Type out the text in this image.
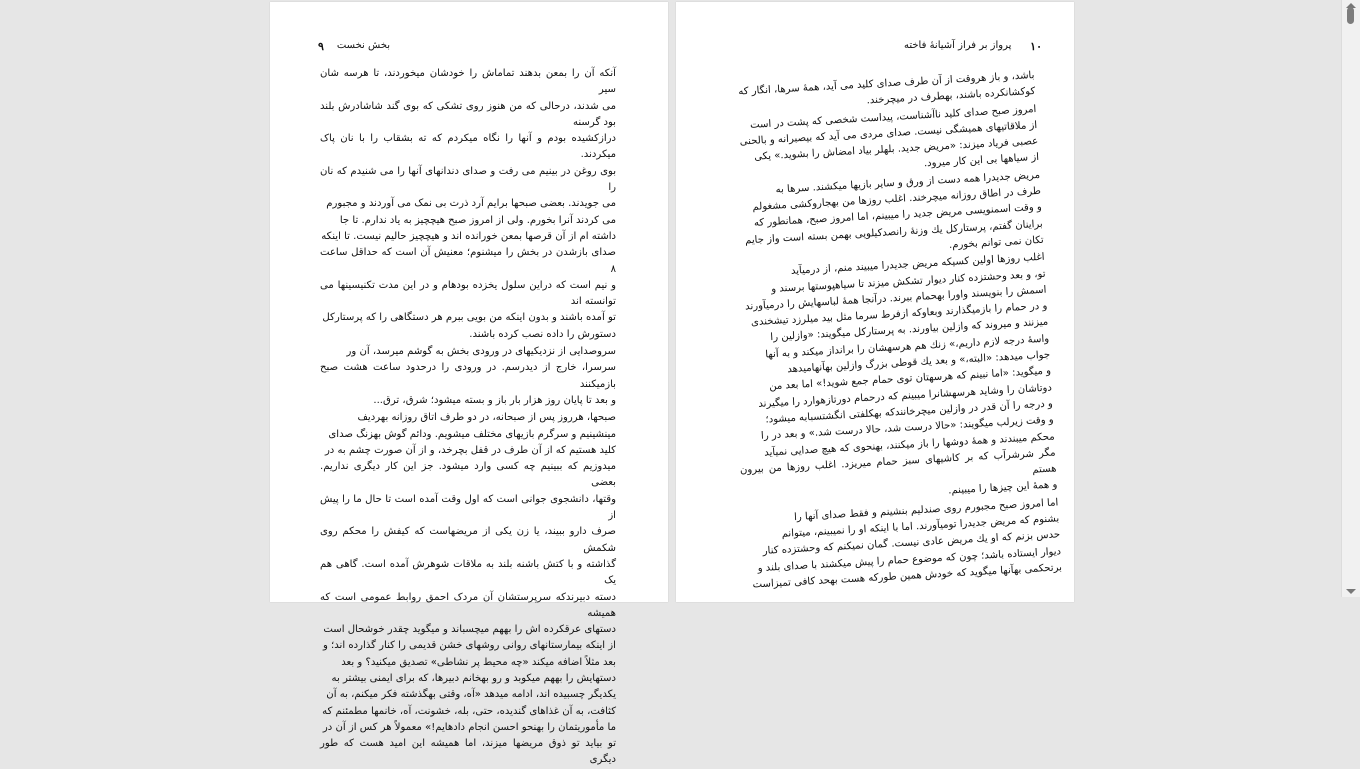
۹ بخش نخست

آنکه آن را بمعن بدهند تماماش را خودشان میخوردند، تا هرسه شان سیر
می شدند، درحالی که من هنوز روی تشکی که بوی گند شاشادرش بلند بود گرسنه
درازکشیده بودم و آنها را نگاه میکردم که ته بشقاب را با نان پاک میکردند.
بوی روغن در بینیم می رفت و صدای دندانهای آنها را می شنیدم که نان را
می جویدند. بعضی صبحها برایم آرد ذرت بی نمک می آوردند و مجبورم
می کردند آنرا بخورم. ولی از امروز صبح هیچچیز به یاد ندارم. تا جا
داشته ام از آن قرصها بمعن خورانده اند و هیچچیز حالیم نیست. تا اینکه
صدای بازشدن در بخش را میشنوم؛ معنیش آن است که حداقل ساعت ۸
و نیم است که دراین سلول یخزده بودهام و در این مدت تکنیسینها می توانسته اند
تو آمده باشند و بدون اینکه من بویی ببرم هر دستگاهی را که پرستارکل
دستورش را داده نصب کرده باشند.

سروصدایی از نزدیکیهای در ورودی بخش به گوشم میرسد، آن ور
سرسرا، خارج از دیدرسم. در ورودی را درحدود ساعت هشت صبح بازمیکنند
و بعد تا پایان روز هزار بار باز و بسته میشود؛ شرق، ترق...

صبحها، هرروز پس از صبحانه، در دو طرف اتاق روزانه بهردیف
مینشینیم و سرگرم بازیهای مختلف میشویم. ودائم گوش بهزنگ صدای
کلید هستیم که از آن طرف در قفل بچرخد، و از آن صورت چشم به در
میدوزیم که ببینیم چه کسی وارد میشود. جز این کار دیگری نداریم. بعضی
وقتها، دانشجوی جوانی است که اول وقت آمده است تا حال ما را پیش از
صرف دارو ببیند، یا زن یکی از مریضهاست که کیفش را محکم روی شکمش
گذاشته و با کتش باشنه بلند به ملاقات شوهرش آمده است. گاهی هم یک
دسته دبیرندکه سرپرستشان آن مردک احمق روابط عمومی است که همیشه
دستهای عرقکرده اش را بههم میچسباند و میگوید چقدر خوشحال است
از اینکه بیمارستانهای روانی روشهای خشن قدیمی را کنار گذارده اند؛ و
بعد مثلاً اضافه میکند «چه محیط پر نشاطی» تصدیق میکنید؟ و بعد
دستهایش را بههم میکوبد و رو بهخانم دبیرها، که برای ایمنی بیشتر به
یکدیگر چسبیده اند، ادامه میدهد «آه، وقتی بهگذشته فکر میکنم، به آن
کثافت، به آن غذاهای گندیده، حتی، بله، خشونت، آه، خانمها مطمئنم که
ما مأموریتمان را بهنحو احسن انجام دادهایم!» معمولاً هر کس از آن در
تو بیاید تو ذوق مریضها میزند، اما همیشه این امید هست که طور دیگری

پرواز بر فراز آشیانهٔ فاخته ۱۰

باشد، و باز هروقت از آن طرف صدای کلید می آید، همهٔ سرها، انگار که
کوکشانکرده باشند، بهطرف در میچرخند.

امروز صبح صدای کلید ناآشناست، پیداست شخصی که پشت در است
از ملاقاتیهای همیشگی نیست. صدای مردی می آید که بیصبرانه و بالحنی
عصبی فریاد میزند: «مریض جدید. بلهلر بیاد امضاش را بشوید.» یکی
از سیاهها بی این کار میرود.

مریض جدیدرا همه دست از ورق و سایر بازیها میکشند. سرها به
طرف در اطاق روزانه میچرخند. اغلب روزها من بهجاروکشی مشغولم
و وقت اسمنویسی مریض جدید را میبینم، اما امروز صبح، همانطور که
براینان گفتم، پرستارکل یك وزنهٔ رانصدکیلویی بهمن بسته است واز جایم
تکان نمی توانم بخورم.

اغلب روزها اولین کسیکه مریض جدیدرا میبیند منم، از درمیآید
تو، و بعد وحشتزده کنار دیوار تشکش میزند تا سیاهپوستها برسند و
اسمش را بنویسند واورا بهحمام ببرند. درآنجا همهٔ لباسهایش را درمیآورند
و در حمام را بازمیگذارند وبعاوکه ازفرط سرما مثل بید میلرزد تیشخندی
میزنند و میروند که وازلین بیاورند. به پرستارکل میگویند: «وازلین را
واسهٔ درجه لازم داریم،» زنك هم هرسهشان را برانداز میکند و به آنها
جواب میدهد: «البته،» و بعد یك قوطی بزرگ وازلین بهآنهامیدهد
و میگوید: «اما نبینم که هرسهتان توی حمام جمع شوید!» اما بعد من
دوتاشان را وشاید هرسهشانرا میبینم که درحمام دورتازهوارد را میگیرند
و درجه را آن قدر در وازلین میچرخانندکه بهکلفتی انگشتسبابه میشود؛
و وقت زیرلب میگویند: «حالا درست شد، حالا درست شد.» و بعد در را
محکم میبندند و همهٔ دوشها را باز میکنند، بهنحوی که هیچ صدایی نمیآید
مگر شرشرآب که بر کاشیهای سبز حمام میریزد. اغلب روزها من بیرون هستم
و همهٔ این چیزها را میبینم.

اما امروز صبح مجبورم روی صندلیم بنشینم و فقط صدای آنها را
بشنوم که مریض جدیدرا تومیآورند. اما با اینکه او را نمیبینم، میتوانم
حدس بزنم که او یك مریض عادی نیست. گمان نمیکنم که وحشتزده کنار
دیوار ایستاده باشد؛ چون که موضوع حمام را پیش میکشند با صدای بلند و
برتحکمی بهآنها میگوید که خودش همین طورکه هست بهحد کافی تمیزاست
